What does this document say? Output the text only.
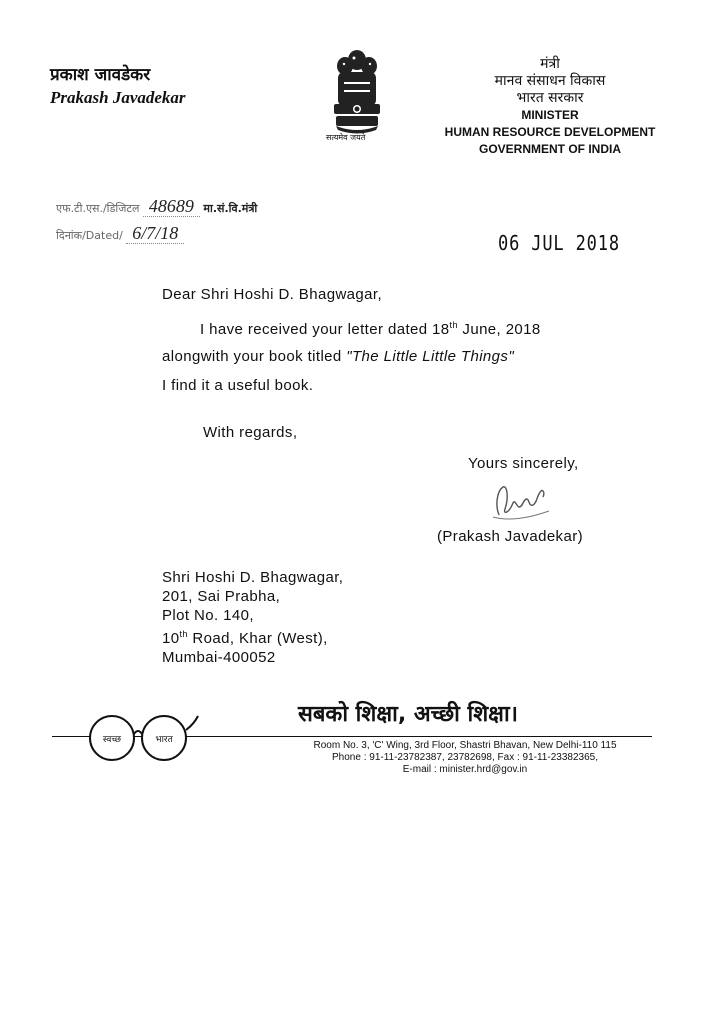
प्रकाश जावडेकर
Prakash Javadekar
सत्यमेव जयते
मंत्री
मानव संसाधन विकास
भारत सरकार
MINISTER
HUMAN RESOURCE DEVELOPMENT
GOVERNMENT OF INDIA
एफ.टी.एस./डिजिटल 48689 मा.सं.वि.मंत्री
दिनांक/Dated/ 6/7/18	06 JUL 2018
Dear Shri Hoshi D. Bhagwagar,
I have received your letter dated 18th June, 2018
alongwith your book titled "The Little Little Things"
I find it a useful book.
With regards,
Yours sincerely,
(Prakash Javadekar)
Shri Hoshi D. Bhagwagar,
201, Sai Prabha,
Plot No. 140,
10th Road, Khar (West),
Mumbai-400052
सबको शिक्षा, अच्छी शिक्षा।
स्वच्छ	भारत	Room No. 3, 'C' Wing, 3rd Floor, Shastri Bhavan, New Delhi-110 115
Phone : 91-11-23782387, 23782698, Fax : 91-11-23382365,
E-mail : minister.hrd@gov.in
